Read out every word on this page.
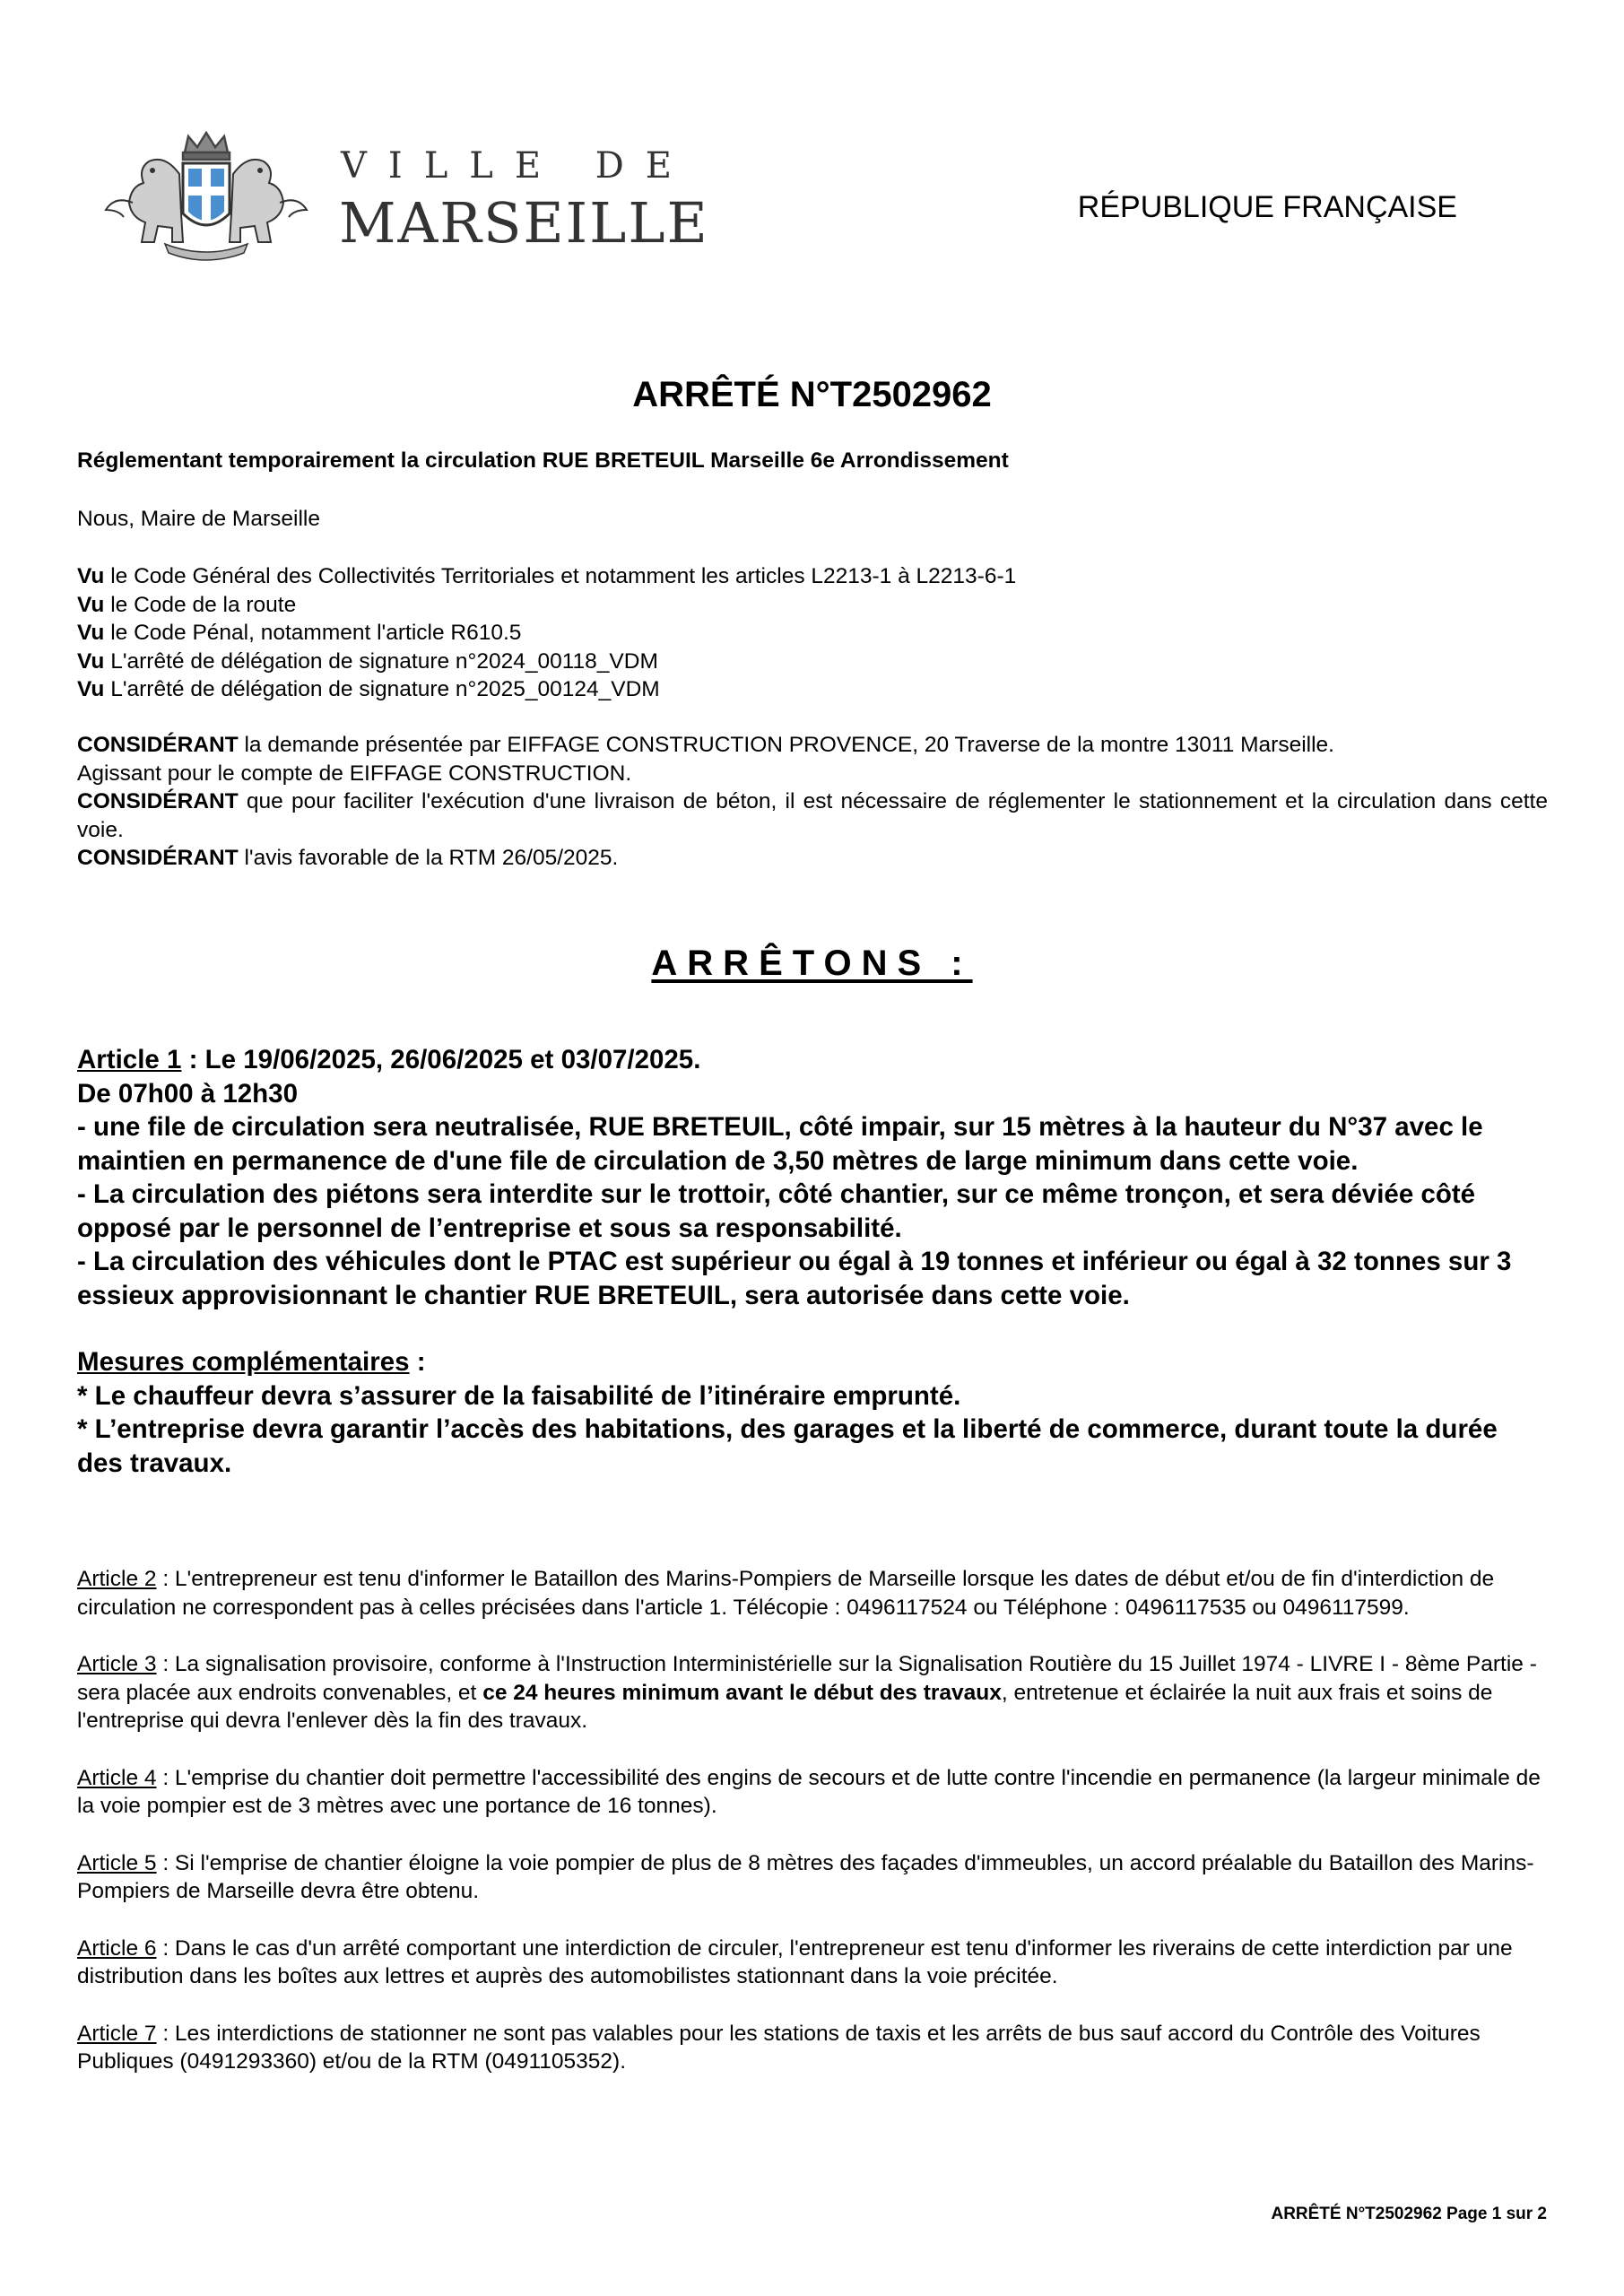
VILLE DE
MARSEILLE	RÉPUBLIQUE FRANÇAISE
ARRÊTÉ N°T2502962
Réglementant temporairement la circulation RUE BRETEUIL Marseille 6e Arrondissement
Nous, Maire de Marseille
Vu le Code Général des Collectivités Territoriales et notamment les articles L2213-1 à L2213-6-1
Vu le Code de la route
Vu le Code Pénal, notamment l'article R610.5
Vu L'arrêté de délégation de signature n°2024_00118_VDM
Vu L'arrêté de délégation de signature n°2025_00124_VDM

CONSIDÉRANT la demande présentée par EIFFAGE CONSTRUCTION PROVENCE, 20 Traverse de la montre 13011 Marseille.

Agissant pour le compte de EIFFAGE CONSTRUCTION.

CONSIDÉRANT que pour faciliter l'exécution d'une livraison de béton, il est nécessaire de réglementer le stationnement et la circulation dans cette voie.

CONSIDÉRANT l'avis favorable de la RTM 26/05/2025.

ARRÊTONS :

Article 1 : Le 19/06/2025, 26/06/2025 et 03/07/2025.

De 07h00 à 12h30

- une file de circulation sera neutralisée, RUE BRETEUIL, côté impair, sur 15 mètres à la hauteur du N°37 avec le maintien en permanence de d'une file de circulation de 3,50 mètres de large minimum dans cette voie.

- La circulation des piétons sera interdite sur le trottoir, côté chantier, sur ce même tronçon, et sera déviée côté opposé par le personnel de l’entreprise et sous sa responsabilité.

- La circulation des véhicules dont le PTAC est supérieur ou égal à 19 tonnes et inférieur ou égal à 32 tonnes sur 3 essieux approvisionnant le chantier RUE BRETEUIL, sera autorisée dans cette voie.

Mesures complémentaires :

* Le chauffeur devra s’assurer de la faisabilité de l’itinéraire emprunté.

* L’entreprise devra garantir l’accès des habitations, des garages et la liberté de commerce, durant toute la durée des travaux.

Article 2 : L'entrepreneur est tenu d'informer le Bataillon des Marins-Pompiers de Marseille lorsque les dates de début et/ou de fin d'interdiction de circulation ne correspondent pas à celles précisées dans l'article 1. Télécopie : 0496117524 ou Téléphone : 0496117535 ou 0496117599.

Article 3 : La signalisation provisoire, conforme à l'Instruction Interministérielle sur la Signalisation Routière du 15 Juillet 1974 - LIVRE I - 8ème Partie - sera placée aux endroits convenables, et ce 24 heures minimum avant le début des travaux, entretenue et éclairée la nuit aux frais et soins de l'entreprise qui devra l'enlever dès la fin des travaux.

Article 4 : L'emprise du chantier doit permettre l'accessibilité des engins de secours et de lutte contre l'incendie en permanence (la largeur minimale de la voie pompier est de 3 mètres avec une portance de 16 tonnes).

Article 5 : Si l'emprise de chantier éloigne la voie pompier de plus de 8 mètres des façades d'immeubles, un accord préalable du Bataillon des Marins-Pompiers de Marseille devra être obtenu.

Article 6 : Dans le cas d'un arrêté comportant une interdiction de circuler, l'entrepreneur est tenu d'informer les riverains de cette interdiction par une distribution dans les boîtes aux lettres et auprès des automobilistes stationnant dans la voie précitée.

Article 7 : Les interdictions de stationner ne sont pas valables pour les stations de taxis et les arrêts de bus sauf accord du Contrôle des Voitures Publiques (0491293360) et/ou de la RTM (0491105352).

ARRÊTÉ N°T2502962 Page 1 sur 2
